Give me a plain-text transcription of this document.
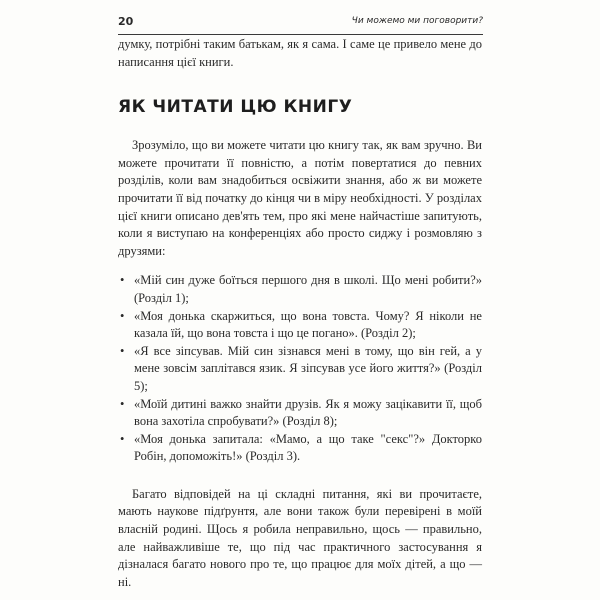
20	Чи можемо ми поговорити?

думку, потрібні таким батькам, як я сама. І саме це привело мене до написання цієї книги.

ЯК ЧИТАТИ ЦЮ КНИГУ

Зрозуміло, що ви можете читати цю книгу так, як вам зручно. Ви можете прочитати її повністю, а потім повертатися до певних розділів, коли вам знадобиться освіжити знання, або ж ви можете прочитати її від початку до кінця чи в міру необхідності. У розділах цієї книги описано дев'ять тем, про які мене найчастіше запитують, коли я виступаю на конференціях або просто сиджу і розмовляю з друзями:

• «Мій син дуже боїться першого дня в школі. Що мені робити?» (Розділ 1);
• «Моя донька скаржиться, що вона товста. Чому? Я ніколи не казала їй, що вона товста і що це погано». (Розділ 2);
• «Я все зіпсував. Мій син зізнався мені в тому, що він гей, а у мене зовсім заплітався язик. Я зіпсував усе його життя?» (Розділ 5);
• «Моїй дитині важко знайти друзів. Як я можу зацікавити її, щоб вона захотіла спробувати?» (Розділ 8);
• «Моя донька запитала: «Мамо, а що таке "секс"?» Докторко Робін, допоможіть!» (Розділ 3).

Багато відповідей на ці складні питання, які ви прочитаєте, мають наукове підґрунтя, але вони також були перевірені в моїй власній родині. Щось я робила неправильно, щось — правильно, але найважливіше те, що під час практичного застосування я дізналася багато нового про те, що працює для моїх дітей, а що — ні.
